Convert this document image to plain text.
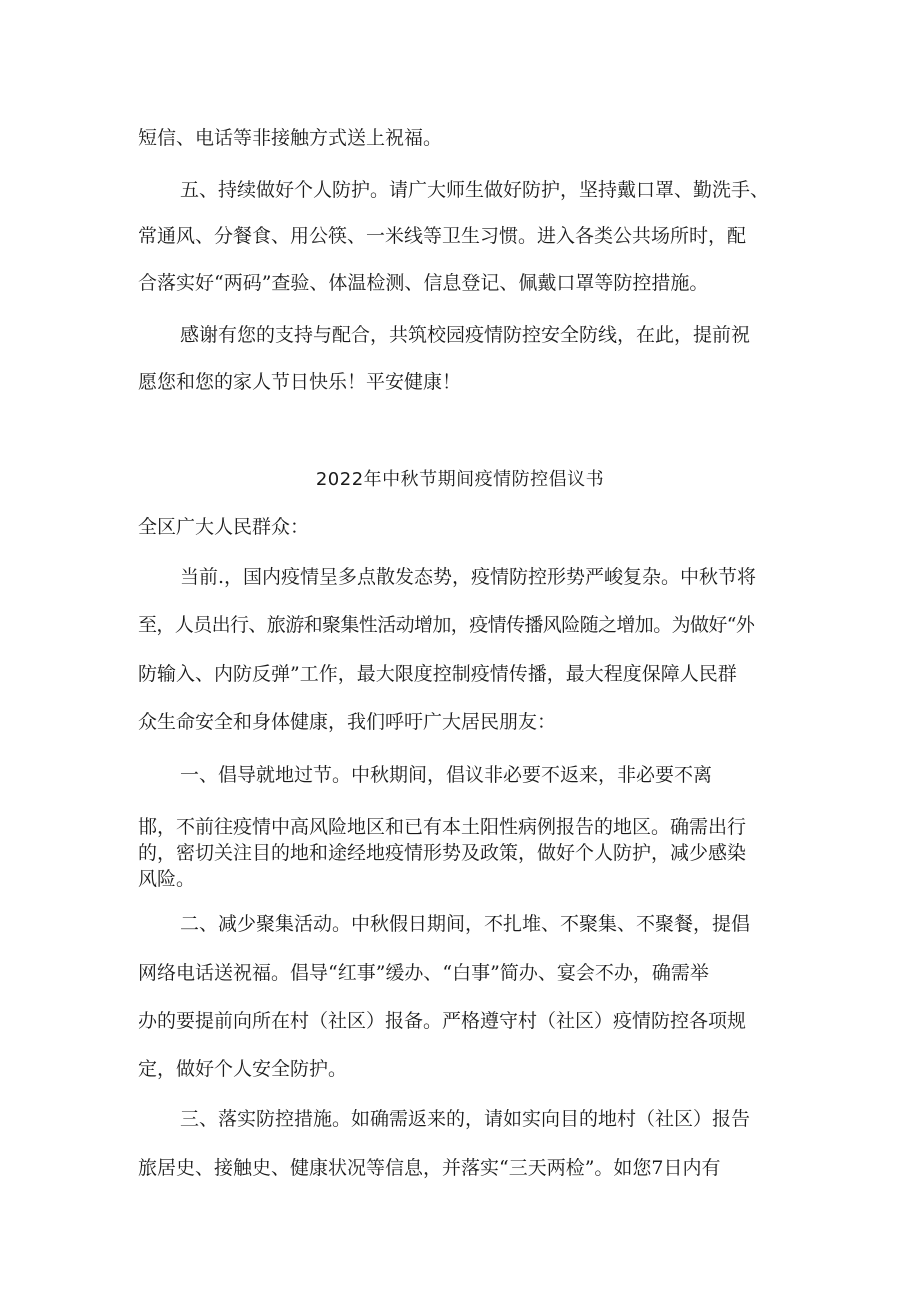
短信、电话等非接触方式送上祝福。

五、持续做好个人防护。请广大师生做好防护，坚持戴口罩、勤洗手、

常通风、分餐食、用公筷、一米线等卫生习惯。进入各类公共场所时，配

合落实好“两码”查验、体温检测、信息登记、佩戴口罩等防控措施。

感谢有您的支持与配合，共筑校园疫情防控安全防线，在此，提前祝

愿您和您的家人节日快乐！平安健康！

2022年中秋节期间疫情防控倡议书

全区广大人民群众：

当前.，国内疫情呈多点散发态势，疫情防控形势严峻复杂。中秋节将

至，人员出行、旅游和聚集性活动增加，疫情传播风险随之增加。为做好“外

防输入、内防反弹”工作，最大限度控制疫情传播，最大程度保障人民群

众生命安全和身体健康，我们呼吁广大居民朋友：

一、倡导就地过节。中秋期间，倡议非必要不返来，非必要不离

邯，不前往疫情中高风险地区和已有本土阳性病例报告的地区。确需出行

的，密切关注目的地和途经地疫情形势及政策，做好个人防护，减少感染

风险。

二、减少聚集活动。中秋假日期间，不扎堆、不聚集、不聚餐，提倡

网络电话送祝福。倡导“红事”缓办、“白事”简办、宴会不办，确需举

办的要提前向所在村（社区）报备。严格遵守村（社区）疫情防控各项规

定，做好个人安全防护。

三、落实防控措施。如确需返来的，请如实向目的地村（社区）报告

旅居史、接触史、健康状况等信息，并落实“三天两检”。如您7日内有
